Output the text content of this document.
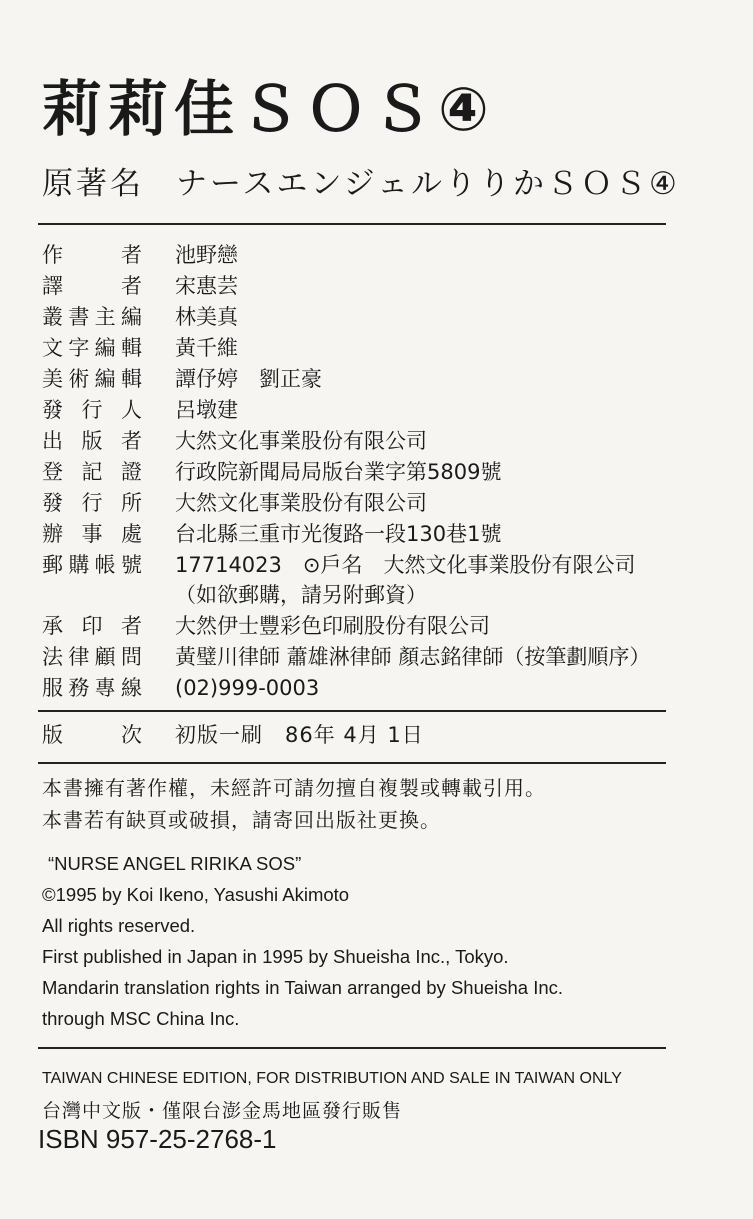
莉莉佳ＳＯＳ④
原著名 ナースエンジェルりりかＳＯＳ④
作 者 池野戀
譯 者 宋惠芸
叢書主編 林美真
文字編輯 黃千維
美術編輯 譚伃婷　劉正豪
發 行 人 呂墩建
出 版 者 大然文化事業股份有限公司
登 記 證 行政院新聞局局版台業字第5809號
發 行 所 大然文化事業股份有限公司
辦 事 處 台北縣三重市光復路一段130巷1號
郵購帳號 17714023　⊙戶名　大然文化事業股份有限公司
（如欲郵購，請另附郵資）
承 印 者 大然伊士豐彩色印刷股份有限公司
法律顧問 黃璧川律師 蕭雄淋律師 顏志銘律師（按筆劃順序）
服務專線 (02)999-0003
版 次 初版一刷　86年 4月 1日
本書擁有著作權，未經許可請勿擅自複製或轉載引用。
本書若有缺頁或破損，請寄回出版社更換。
“NURSE ANGEL RIRIKA SOS”
©1995 by Koi Ikeno, Yasushi Akimoto
All rights reserved.
First published in Japan in 1995 by Shueisha Inc., Tokyo.
Mandarin translation rights in Taiwan arranged by Shueisha Inc.
through MSC China Inc.
TAIWAN CHINESE EDITION, FOR DISTRIBUTION AND SALE IN TAIWAN ONLY
台灣中文版・僅限台澎金馬地區發行販售
ISBN 957-25-2768-1
